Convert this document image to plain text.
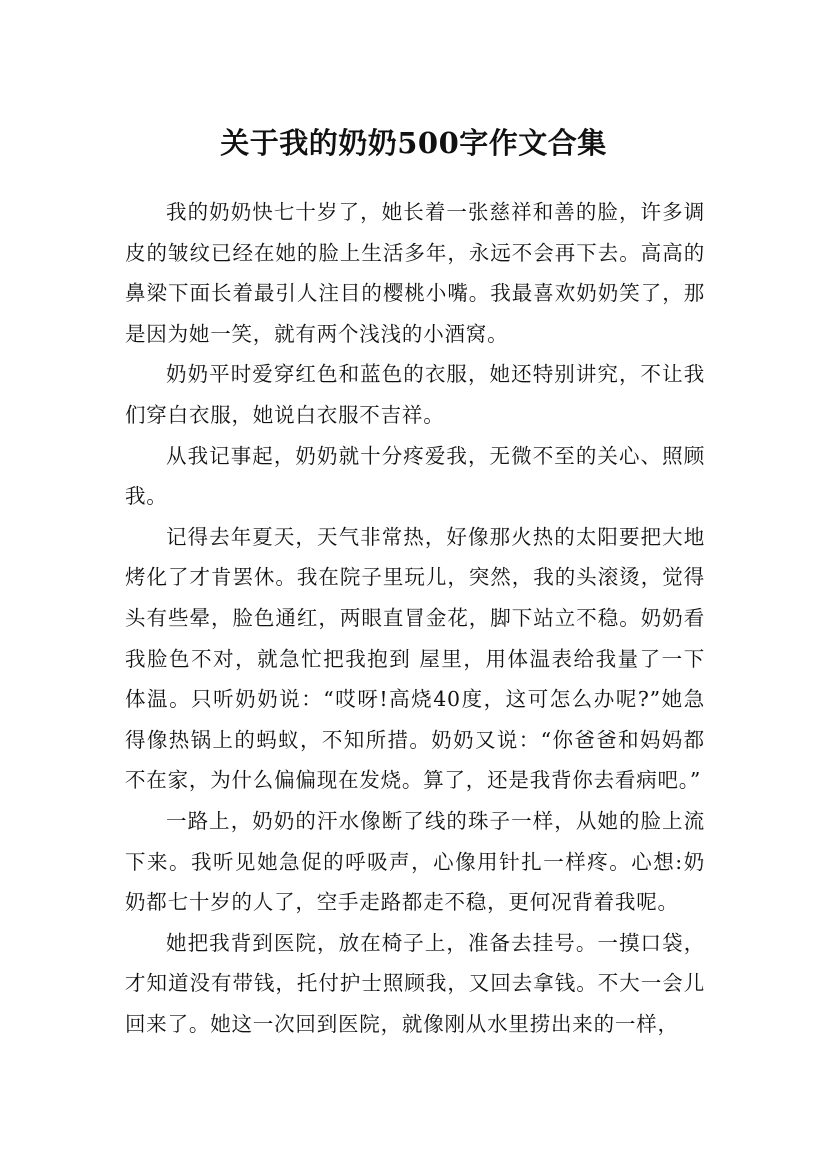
关于我的奶奶500字作文合集

我的奶奶快七十岁了，她长着一张慈祥和善的脸，许多调皮的皱纹已经在她的脸上生活多年，永远不会再下去。高高的鼻梁下面长着最引人注目的樱桃小嘴。我最喜欢奶奶笑了，那是因为她一笑，就有两个浅浅的小酒窝。

奶奶平时爱穿红色和蓝色的衣服，她还特别讲究，不让我们穿白衣服，她说白衣服不吉祥。

从我记事起，奶奶就十分疼爱我，无微不至的关心、照顾我。

记得去年夏天，天气非常热，好像那火热的太阳要把大地烤化了才肯罢休。我在院子里玩儿，突然，我的头滚烫，觉得头有些晕，脸色通红，两眼直冒金花，脚下站立不稳。奶奶看我脸色不对，就急忙把我抱到 屋里，用体温表给我量了一下体温。只听奶奶说：“哎呀!高烧40度，这可怎么办呢?”她急得像热锅上的蚂蚁，不知所措。奶奶又说：“你爸爸和妈妈都不在家，为什么偏偏现在发烧。算了，还是我背你去看病吧。”

一路上，奶奶的汗水像断了线的珠子一样，从她的脸上流下来。我听见她急促的呼吸声，心像用针扎一样疼。心想:奶奶都七十岁的人了，空手走路都走不稳，更何况背着我呢。

她把我背到医院，放在椅子上，准备去挂号。一摸口袋，才知道没有带钱，托付护士照顾我，又回去拿钱。不大一会儿回来了。她这一次回到医院，就像刚从水里捞出来的一样，
